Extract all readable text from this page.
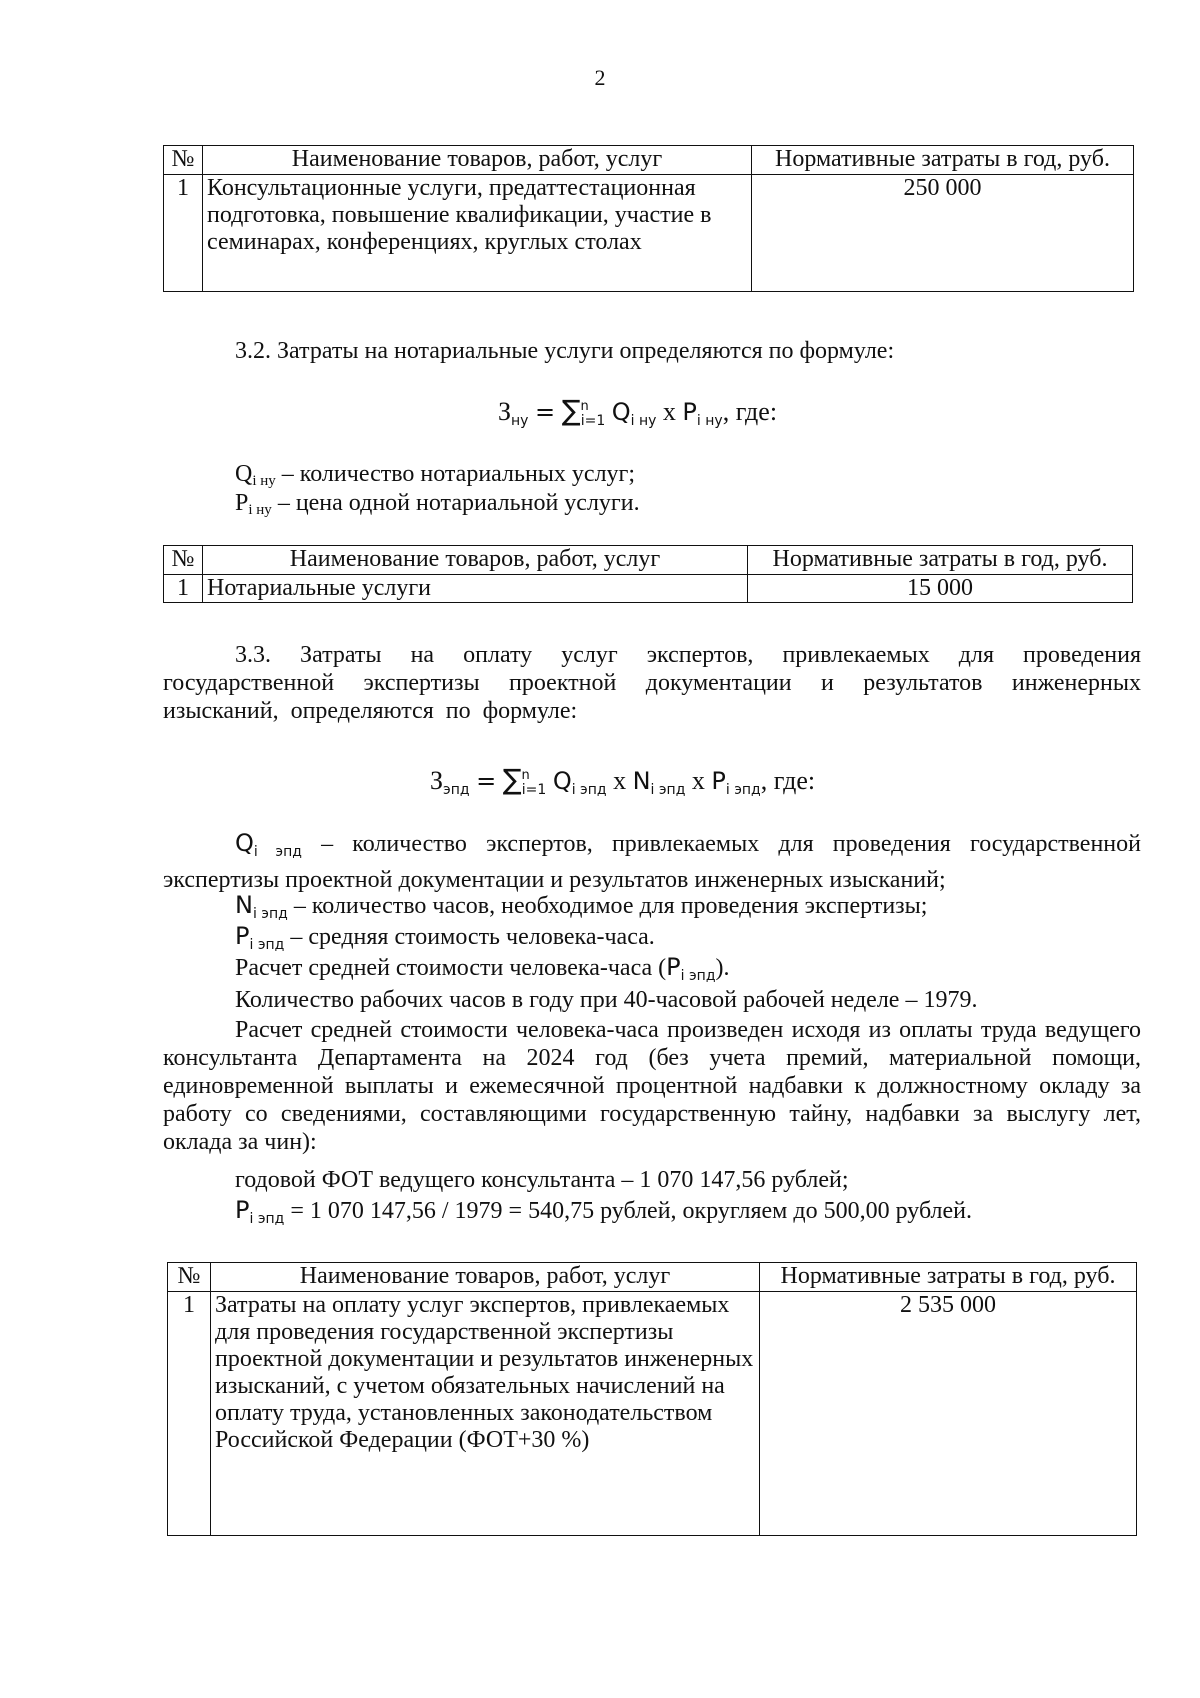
2
№	Наименование товаров, работ, услуг	Нормативные затраты в год, руб.
1	Консультационные услуги, предаттестационная подготовка, повышение квалификации, участие в семинарах, конференциях, круглых столах	250 000
3.2. Затраты на нотариальные услуги определяются по формуле:
$З_{ну} = \sum^n_{i=1}$ $Q_{i ну}$ x $P_{i ну}$, где:
Qi ну – количество нотариальных услуг;
Pi ну – цена одной нотариальной услуги.
№	Наименование товаров, работ, услуг	Нормативные затраты в год, руб.
1	Нотариальные услуги	15 000
3.3. Затраты на оплату услуг экспертов, привлекаемых для проведения государственной экспертизы проектной документации и результатов инженерных изысканий, определяются по формуле:
$З_{эпд} = \sum^n_{i=1}$ $Q_{i эпд}$ x $N_{i эпд}$ x $P_{i эпд}$, где:
$Q_{i эпд}$ – количество экспертов, привлекаемых для проведения государственной экспертизы проектной документации и результатов инженерных изысканий;
$N_{i эпд}$ – количество часов, необходимое для проведения экспертизы;
$P_{i эпд}$ – средняя стоимость человека-часа.
Расчет средней стоимости человека-часа $(P_{i эпд})$.
Количество рабочих часов в году при 40-часовой рабочей неделе – 1979.
Расчет средней стоимости человека-часа произведен исходя из оплаты труда ведущего консультанта Департамента на 2024 год (без учета премий, материальной помощи, единовременной выплаты и ежемесячной процентной надбавки к должностному окладу за работу со сведениями, составляющими государственную тайну, надбавки за выслугу лет, оклада за чин):
годовой ФОТ ведущего консультанта – 1 070 147,56 рублей;
$P_{i эпд} = 1$ 070 147,56 / 1979 = 540,75 рублей, округляем до 500,00 рублей.
№	Наименование товаров, работ, услуг	Нормативные затраты в год, руб.
1	Затраты на оплату услуг экспертов, привлекаемых для проведения государственной экспертизы проектной документации и результатов инженерных изысканий, с учетом обязательных начислений на оплату труда, установленных законодательством Российской Федерации (ФОТ+30 %)	2 535 000
